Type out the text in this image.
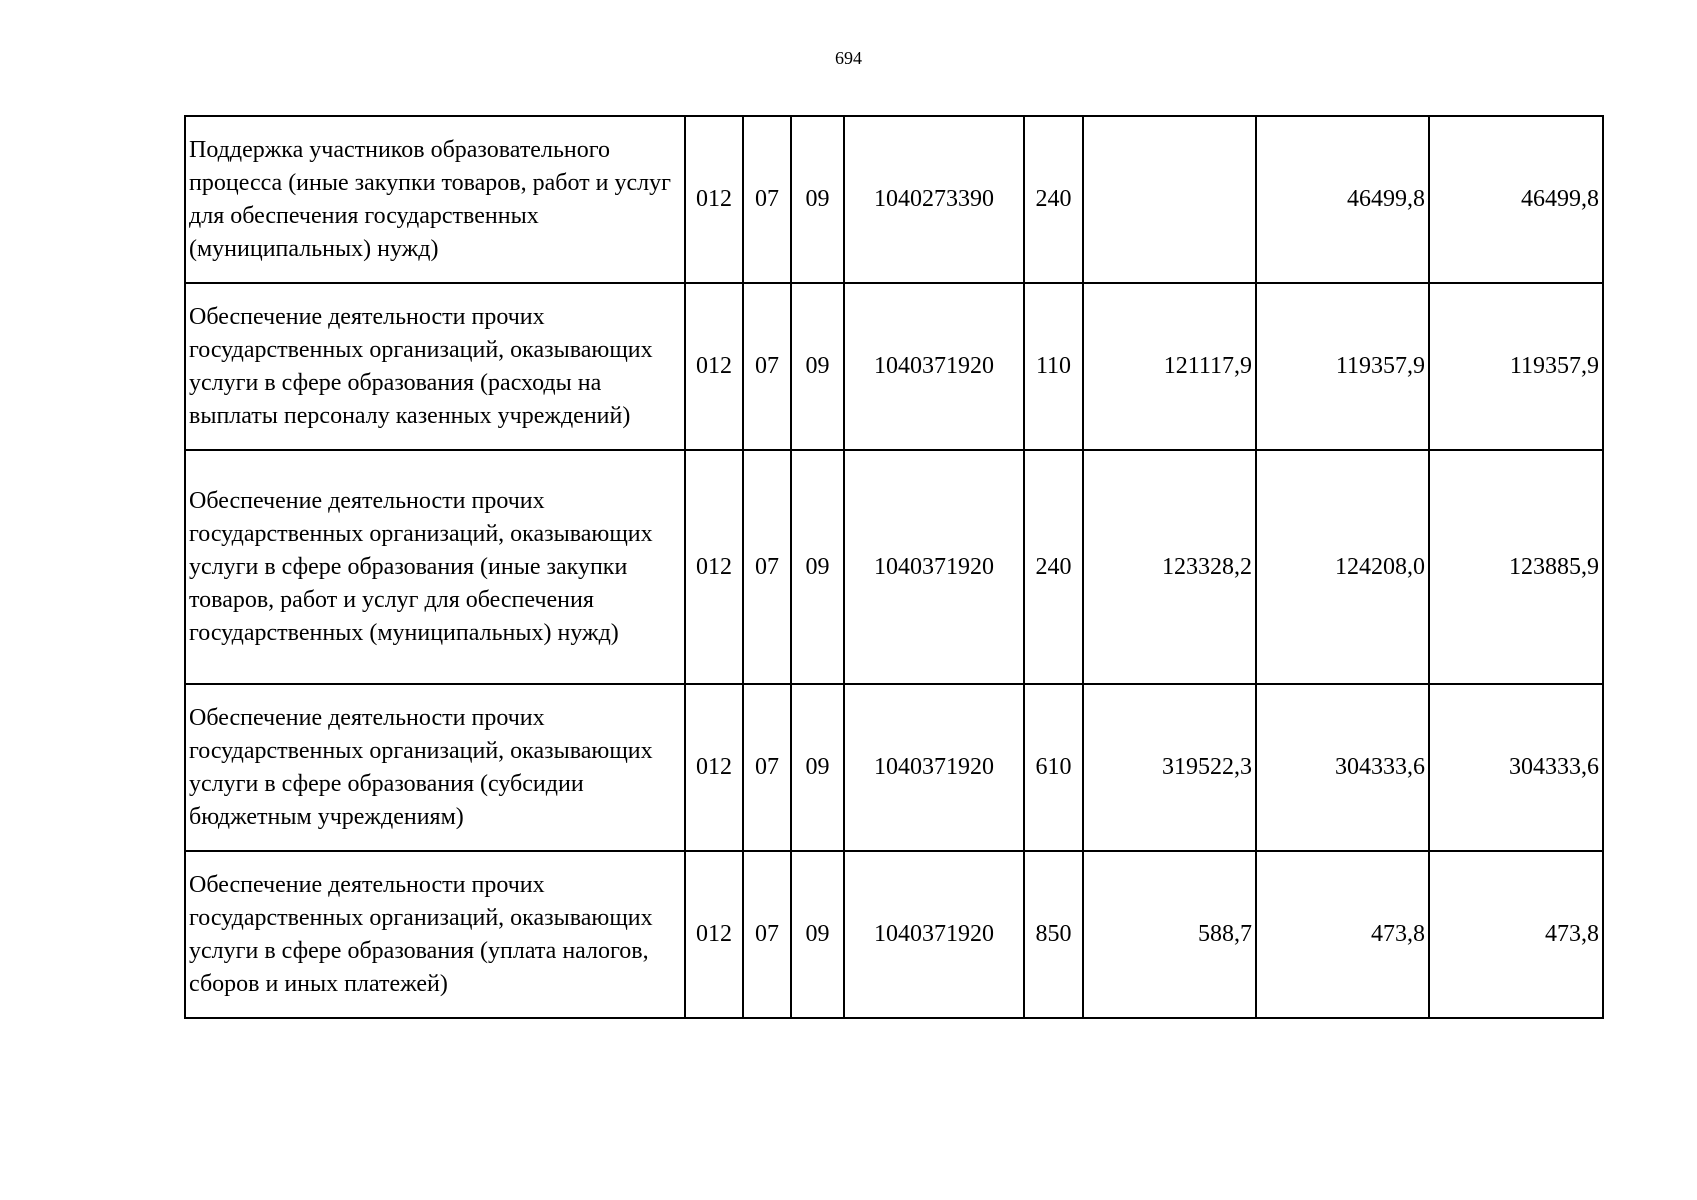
694
Поддержка участников образовательного процесса (иные закупки товаров, работ и услуг для обеспечения государственных (муниципальных) нужд)	012	07	09	1040273390	240		46499,8	46499,8
Обеспечение деятельности прочих государственных организаций, оказывающих услуги в сфере образования (расходы на выплаты персоналу казенных учреждений)	012	07	09	1040371920	110	121117,9	119357,9	119357,9
Обеспечение деятельности прочих государственных организаций, оказывающих услуги в сфере образования (иные закупки товаров, работ и услуг для обеспечения государственных (муниципальных) нужд)	012	07	09	1040371920	240	123328,2	124208,0	123885,9
Обеспечение деятельности прочих государственных организаций, оказывающих услуги в сфере образования (субсидии бюджетным учреждениям)	012	07	09	1040371920	610	319522,3	304333,6	304333,6
Обеспечение деятельности прочих государственных организаций, оказывающих услуги в сфере образования (уплата налогов, сборов и иных платежей)	012	07	09	1040371920	850	588,7	473,8	473,8
